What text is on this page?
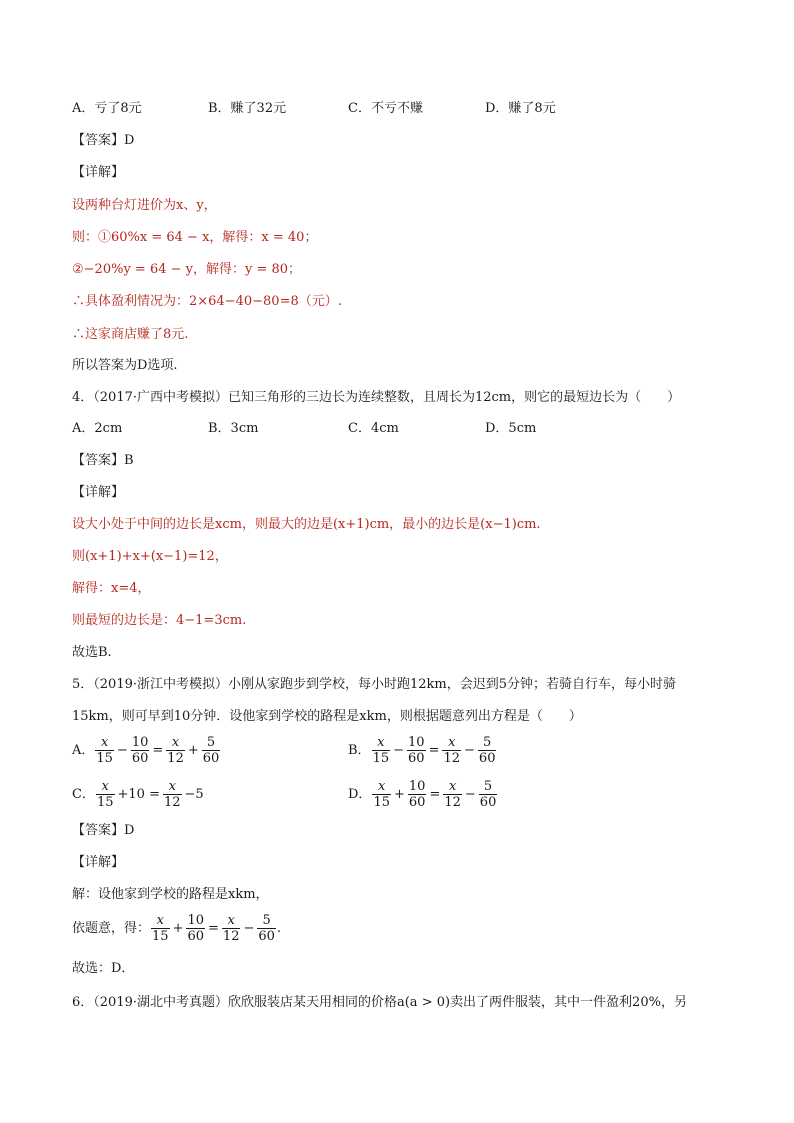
A．亏了8元	B．赚了32元	C．不亏不赚	D．赚了8元
【答案】D
【详解】
设两种台灯进价为x、y，
则：①60%x = 64 − x，解得：x = 40；
②−20%y = 64 − y，解得：y = 80；
∴具体盈利情况为：2×64−40−80=8（元）.
∴这家商店赚了8元.
所以答案为D选项.
4．（2017·广西中考模拟）已知三角形的三边长为连续整数，且周长为12cm，则它的最短边长为（　　）
A．2cm	B．3cm	C．4cm	D．5cm
【答案】B
【详解】
设大小处于中间的边长是xcm，则最大的边是(x+1)cm，最小的边长是(x−1)cm.
则(x+1)+x+(x−1)=12，
解得：x=4，
则最短的边长是：4−1=3cm.
故选B.
5．（2019·浙江中考模拟）小刚从家跑步到学校，每小时跑12km，会迟到5分钟；若骑自行车，每小时骑
15km，则可早到10分钟．设他家到学校的路程是xkm，则根据题意列出方程是（　　）
A． $\frac{x}{15} - \frac{10}{60} = \frac{x}{12} + \frac{5}{60}$	B． $\frac{x}{15} - \frac{10}{60} = \frac{x}{12} - \frac{5}{60}$
C． $\frac{x}{15} +10 = \frac{x}{12} -5$	D． $\frac{x}{15} + \frac{10}{60} = \frac{x}{12} - \frac{5}{60}$
【答案】D
【详解】
解：设他家到学校的路程是xkm，
依题意，得： $\frac{x}{15} + \frac{10}{60} = \frac{x}{12} - \frac{5}{60}$ .
故选：D．
6．（2019·湖北中考真题）欣欣服装店某天用相同的价格a(a > 0)卖出了两件服装，其中一件盈利20%，另
